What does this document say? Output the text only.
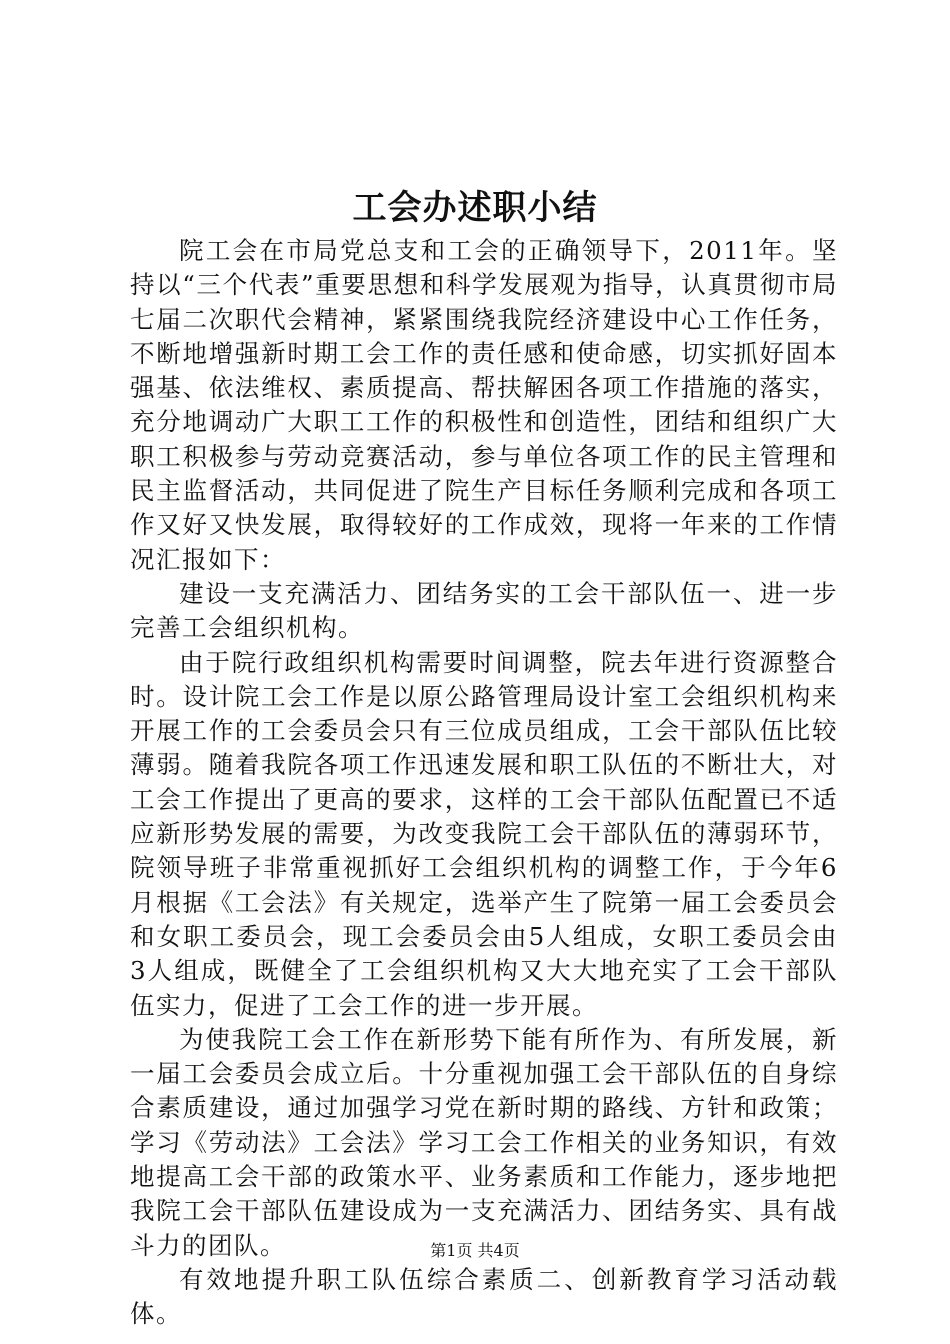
工会办述职小结

院工会在市局党总支和工会的正确领导下，2011年。坚持以“三个代表”重要思想和科学发展观为指导，认真贯彻市局七届二次职代会精神，紧紧围绕我院经济建设中心工作任务，不断地增强新时期工会工作的责任感和使命感，切实抓好固本强基、依法维权、素质提高、帮扶解困各项工作措施的落实，充分地调动广大职工工作的积极性和创造性，团结和组织广大职工积极参与劳动竞赛活动，参与单位各项工作的民主管理和民主监督活动，共同促进了院生产目标任务顺利完成和各项工作又好又快发展，取得较好的工作成效，现将一年来的工作情况汇报如下：

建设一支充满活力、团结务实的工会干部队伍一、进一步完善工会组织机构。

由于院行政组织机构需要时间调整，院去年进行资源整合时。设计院工会工作是以原公路管理局设计室工会组织机构来开展工作的工会委员会只有三位成员组成，工会干部队伍比较薄弱。随着我院各项工作迅速发展和职工队伍的不断壮大，对工会工作提出了更高的要求，这样的工会干部队伍配置已不适应新形势发展的需要，为改变我院工会干部队伍的薄弱环节，院领导班子非常重视抓好工会组织机构的调整工作，于今年6月根据《工会法》有关规定，选举产生了院第一届工会委员会和女职工委员会，现工会委员会由5人组成，女职工委员会由3人组成，既健全了工会组织机构又大大地充实了工会干部队伍实力，促进了工会工作的进一步开展。

为使我院工会工作在新形势下能有所作为、有所发展，新一届工会委员会成立后。十分重视加强工会干部队伍的自身综合素质建设，通过加强学习党在新时期的路线、方针和政策；学习《劳动法》工会法》学习工会工作相关的业务知识，有效地提高工会干部的政策水平、业务素质和工作能力，逐步地把我院工会干部队伍建设成为一支充满活力、团结务实、具有战斗力的团队。

有效地提升职工队伍综合素质二、创新教育学习活动载体。

第1页 共4页
